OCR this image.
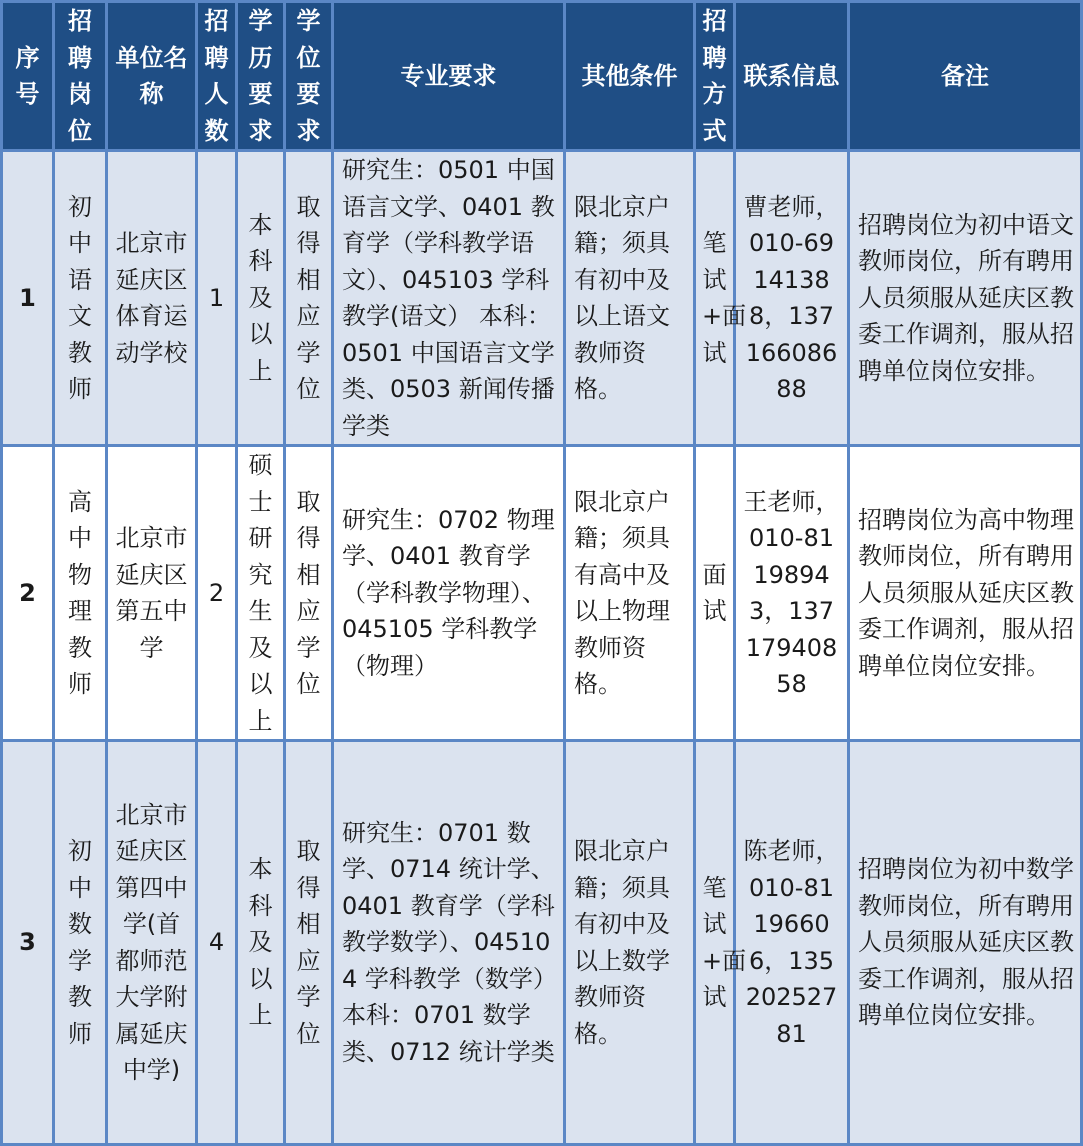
序号	招聘岗位	单位名称	招聘人数	学历要求	学位要求	专业要求	其他条件	招聘方式	联系信息	备注
1	初中语文教师	北京市延庆区体育运动学校	1	本科及以上	取得相应学位	研究生：0501 中国语言文学、0401 教育学（学科教学语文）、045103 学科教学(语文） 本科：0501 中国语言文学类、0503 新闻传播学类	限北京户籍；须具有初中及以上语文教师资格。	笔试+面试	曹老师，010-69141388，13716608688	招聘岗位为初中语文教师岗位，所有聘用人员须服从延庆区教委工作调剂，服从招聘单位岗位安排。
2	高中物理教师	北京市延庆区第五中学	2	硕士研究生及以上	取得相应学位	研究生：0702 物理学、0401 教育学（学科教学物理）、045105 学科教学（物理）	限北京户籍；须具有高中及以上物理教师资格。	面试	王老师，010-81198943，13717940858	招聘岗位为高中物理教师岗位，所有聘用人员须服从延庆区教委工作调剂，服从招聘单位岗位安排。
3	初中数学教师	北京市延庆区第四中学(首都师范大学附属延庆中学)	4	本科及以上	取得相应学位	研究生：0701 数学、0714 统计学、0401 教育学（学科教学数学）、045104 学科教学（数学） 本科：0701 数学类、0712 统计学类	限北京户籍；须具有初中及以上数学教师资格。	笔试+面试	陈老师，010-81196606，13520252781	招聘岗位为初中数学教师岗位，所有聘用人员须服从延庆区教委工作调剂，服从招聘单位岗位安排。
